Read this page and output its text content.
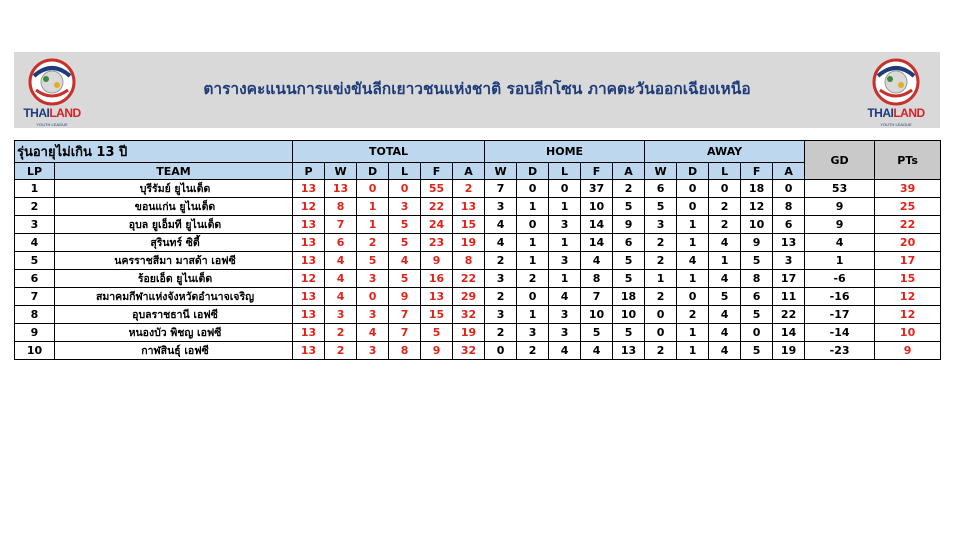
THAILAND
YOUTH LEAGUE
ตารางคะแนนการแข่งขันลีกเยาวชนแห่งชาติ รอบลีกโซน ภาคตะวันออกเฉียงเหนือ
THAILAND
YOUTH LEAGUE
รุ่นอายุไม่เกิน 13 ปี		TOTAL						HOME					AWAY					GD	PTs
LP	TEAM	P	W	D	L	F	A	W	D	L	F	A	W	D	L	F	A		
1	บุรีรัมย์ ยูไนเต็ด	13	13	0	0	55	2	7	0	0	37	2	6	0	0	18	0	53	39
2	ขอนแก่น ยูไนเต็ด	12	8	1	3	22	13	3	1	1	10	5	5	0	2	12	8	9	25
3	อุบล ยูเอ็มที ยูไนเต็ด	13	7	1	5	24	15	4	0	3	14	9	3	1	2	10	6	9	22
4	สุรินทร์ ซิตี้	13	6	2	5	23	19	4	1	1	14	6	2	1	4	9	13	4	20
5	นครราชสีมา มาสด้า เอฟซี	13	4	5	4	9	8	2	1	3	4	5	2	4	1	5	3	1	17
6	ร้อยเอ็ด ยูไนเต็ด	12	4	3	5	16	22	3	2	1	8	5	1	1	4	8	17	-6	15
7	สมาคมกีฬาแห่งจังหวัดอำนาจเจริญ	13	4	0	9	13	29	2	0	4	7	18	2	0	5	6	11	-16	12
8	อุบลราชธานี เอฟซี	13	3	3	7	15	32	3	1	3	10	10	0	2	4	5	22	-17	12
9	หนองบัว พิชญ เอฟซี	13	2	4	7	5	19	2	3	3	5	5	0	1	4	0	14	-14	10
10	กาฬสินธุ์ เอฟซี	13	2	3	8	9	32	0	2	4	4	13	2	1	4	5	19	-23	9
